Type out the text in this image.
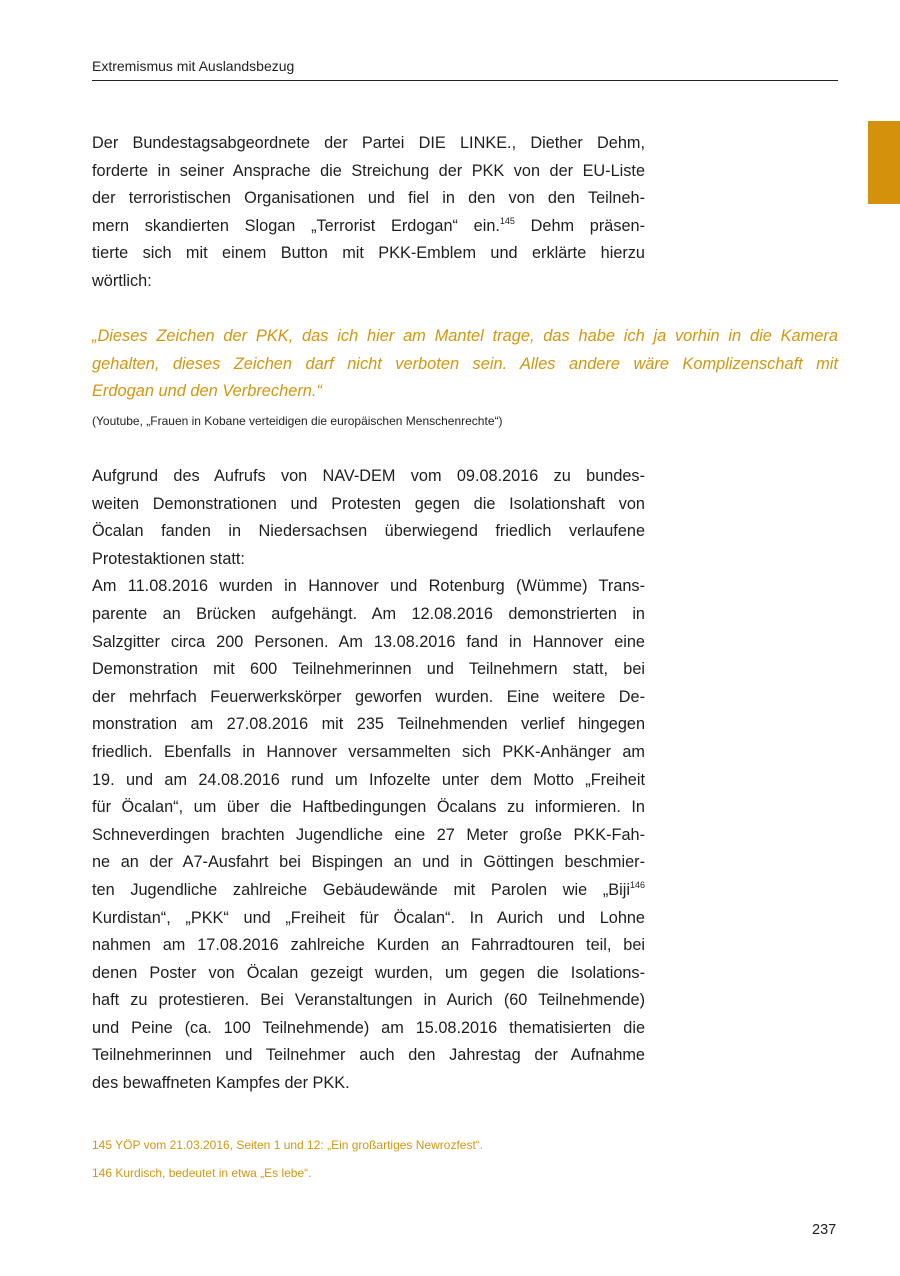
Extremismus mit Auslandsbezug
Der Bundestagsabgeordnete der Partei DIE LINKE., Diether Dehm,
forderte in seiner Ansprache die Streichung der PKK von der EU-Liste
der terroristischen Organisationen und fiel in den von den Teilneh-
mern skandierten Slogan „Terrorist Erdogan“ ein.$^{145}$ Dehm präsen-
tierte sich mit einem Button mit PKK-Emblem und erklärte hierzu
wörtlich:
„Dieses Zeichen der PKK, das ich hier am Mantel trage, das habe ich ja vorhin in die Kamera
gehalten, dieses Zeichen darf nicht verboten sein. Alles andere wäre Komplizenschaft mit
Erdogan und den Verbrechern.“
(Youtube, „Frauen in Kobane verteidigen die europäischen Menschenrechte“)
Aufgrund des Aufrufs von NAV-DEM vom 09.08.2016 zu bundes-
weiten Demonstrationen und Protesten gegen die Isolationshaft von
Öcalan fanden in Niedersachsen überwiegend friedlich verlaufene
Protestaktionen statt:
Am 11.08.2016 wurden in Hannover und Rotenburg (Wümme) Trans-
parente an Brücken aufgehängt. Am 12.08.2016 demonstrierten in
Salzgitter circa 200 Personen. Am 13.08.2016 fand in Hannover eine
Demonstration mit 600 Teilnehmerinnen und Teilnehmern statt, bei
der mehrfach Feuerwerkskörper geworfen wurden. Eine weitere De-
monstration am 27.08.2016 mit 235 Teilnehmenden verlief hingegen
friedlich. Ebenfalls in Hannover versammelten sich PKK-Anhänger am
19. und am 24.08.2016 rund um Infozelte unter dem Motto „Freiheit
für Öcalan“, um über die Haftbedingungen Öcalans zu informieren. In
Schneverdingen brachten Jugendliche eine 27 Meter große PKK-Fah-
ne an der A7-Ausfahrt bei Bispingen an und in Göttingen beschmier-
ten Jugendliche zahlreiche Gebäudewände mit Parolen wie „Biji$^{146}$
Kurdistan“, „PKK“ und „Freiheit für Öcalan“. In Aurich und Lohne
nahmen am 17.08.2016 zahlreiche Kurden an Fahrradtouren teil, bei
denen Poster von Öcalan gezeigt wurden, um gegen die Isolations-
haft zu protestieren. Bei Veranstaltungen in Aurich (60 Teilnehmende)
und Peine (ca. 100 Teilnehmende) am 15.08.2016 thematisierten die
Teilnehmerinnen und Teilnehmer auch den Jahrestag der Aufnahme
des bewaffneten Kampfes der PKK.
145 YÖP vom 21.03.2016, Seiten 1 und 12: „Ein großartiges Newrozfest“.
146 Kurdisch, bedeutet in etwa „Es lebe“.
237
